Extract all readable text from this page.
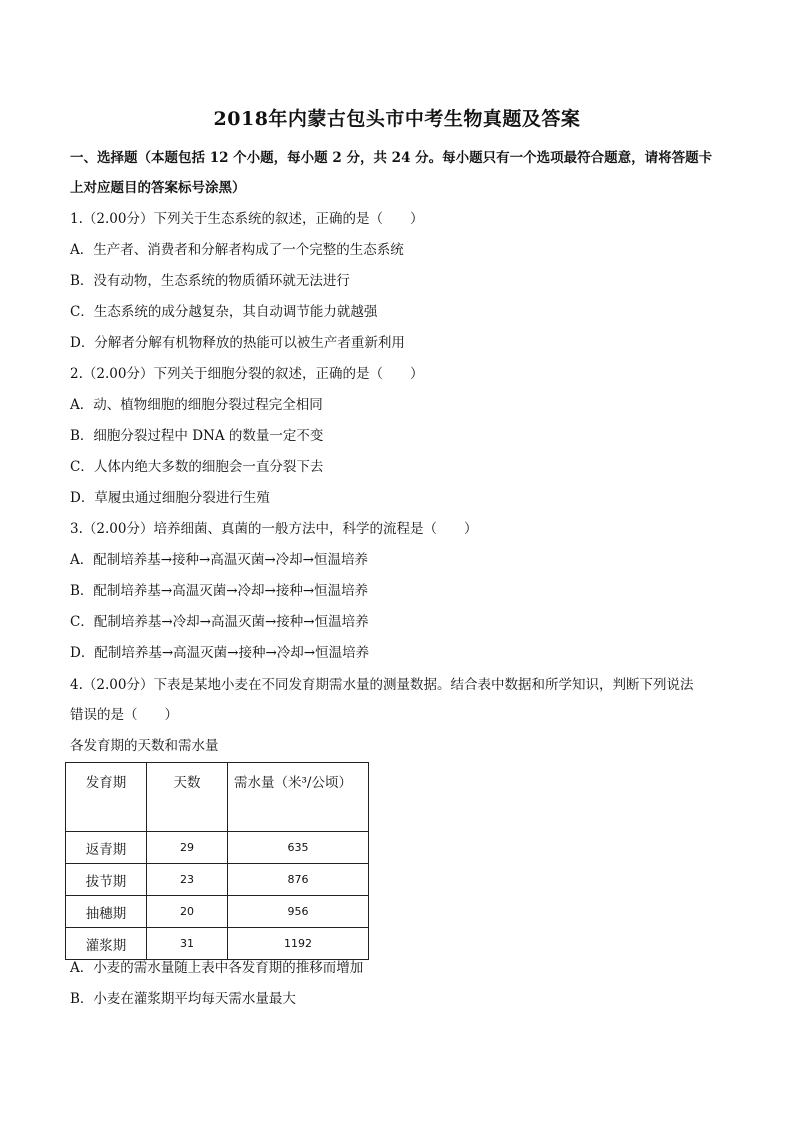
2018年内蒙古包头市中考生物真题及答案
一、选择题（本题包括 12 个小题，每小题 2 分，共 24 分。每小题只有一个选项最符合题意，请将答题卡
上对应题目的答案标号涂黑）
1.（2.00分）下列关于生态系统的叙述，正确的是（　　）
A．生产者、消费者和分解者构成了一个完整的生态系统
B．没有动物，生态系统的物质循环就无法进行
C．生态系统的成分越复杂，其自动调节能力就越强
D．分解者分解有机物释放的热能可以被生产者重新利用
2.（2.00分）下列关于细胞分裂的叙述，正确的是（　　）
A．动、植物细胞的细胞分裂过程完全相同
B．细胞分裂过程中 DNA 的数量一定不变
C．人体内绝大多数的细胞会一直分裂下去
D．草履虫通过细胞分裂进行生殖
3.（2.00分）培养细菌、真菌的一般方法中，科学的流程是（　　）
A．配制培养基→接种→高温灭菌→冷却→恒温培养
B．配制培养基→高温灭菌→冷却→接种→恒温培养
C．配制培养基→冷却→高温灭菌→接种→恒温培养
D．配制培养基→高温灭菌→接种→冷却→恒温培养
4.（2.00分）下表是某地小麦在不同发育期需水量的测量数据。结合表中数据和所学知识，判断下列说法
错误的是（　　）
各发育期的天数和需水量
发育期	天数	需水量（米³/公顷）
返青期	29	635
拔节期	23	876
抽穗期	20	956
灌浆期	31	1192
A．小麦的需水量随上表中各发育期的推移而增加
B．小麦在灌浆期平均每天需水量最大
